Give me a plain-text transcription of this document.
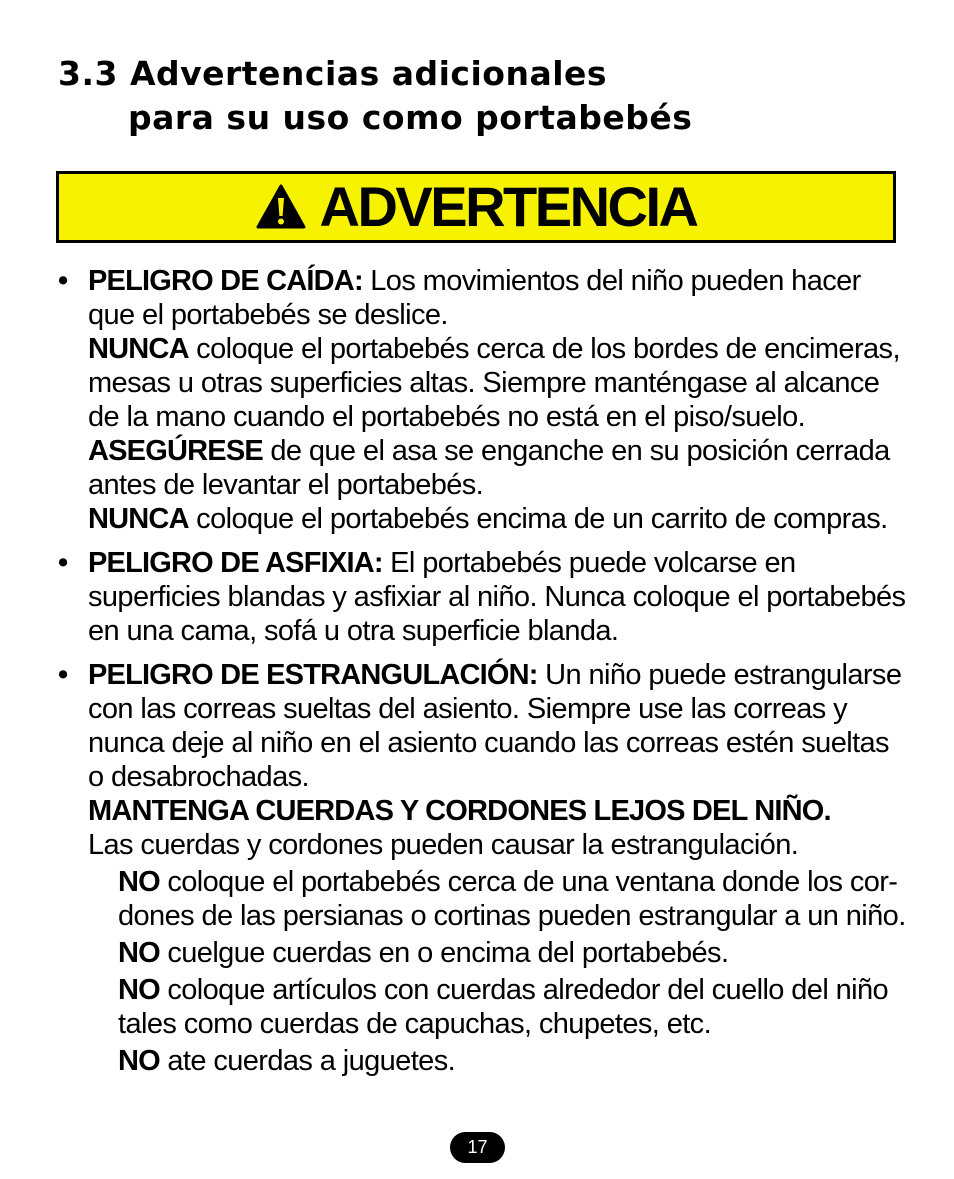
3.3 Advertencias adicionales
para su uso como portabebés
ADVERTENCIA
• PELIGRO DE CAÍDA: Los movimientos del niño pueden hacer que el portabebés se deslice.

NUNCA coloque el portabebés cerca de los bordes de encimeras, mesas u otras superficies altas. Siempre manténgase al alcance de la mano cuando el portabebés no está en el piso/suelo.

ASEGÚRESE de que el asa se enganche en su posición cerrada antes de levantar el portabebés.

NUNCA coloque el portabebés encima de un carrito de compras.

• PELIGRO DE ASFIXIA: El portabebés puede volcarse en superficies blandas y asfixiar al niño. Nunca coloque el portabebés en una cama, sofá u otra superficie blanda.

• PELIGRO DE ESTRANGULACIÓN: Un niño puede estrangularse con las correas sueltas del asiento. Siempre use las correas y nunca deje al niño en el asiento cuando las correas estén sueltas o desabrochadas.

MANTENGA CUERDAS Y CORDONES LEJOS DEL NIÑO.
Las cuerdas y cordones pueden causar la estrangulación.

NO coloque el portabebés cerca de una ventana donde los cor-dones de las persianas o cortinas pueden estrangular a un niño.

NO cuelgue cuerdas en o encima del portabebés.

NO coloque artículos con cuerdas alrededor del cuello del niño tales como cuerdas de capuchas, chupetes, etc.

NO ate cuerdas a juguetes.

17
